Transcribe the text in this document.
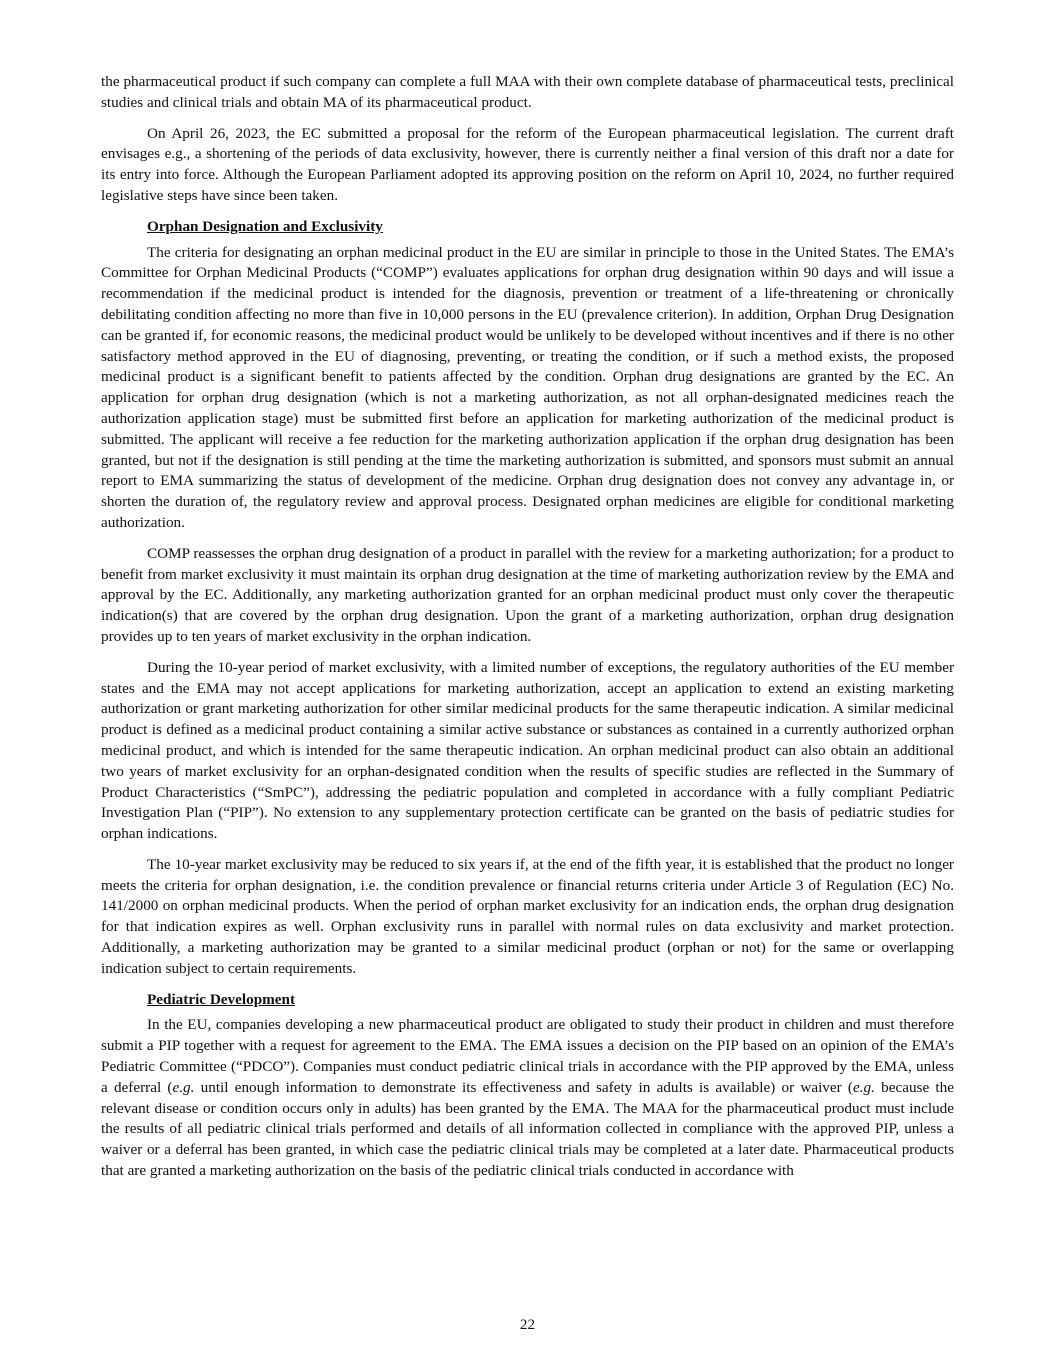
the pharmaceutical product if such company can complete a full MAA with their own complete database of pharmaceutical tests, preclinical studies and clinical trials and obtain MA of its pharmaceutical product.

On April 26, 2023, the EC submitted a proposal for the reform of the European pharmaceutical legislation. The current draft envisages e.g., a shortening of the periods of data exclusivity, however, there is currently neither a final version of this draft nor a date for its entry into force. Although the European Parliament adopted its approving position on the reform on April 10, 2024, no further required legislative steps have since been taken.

Orphan Designation and Exclusivity

The criteria for designating an orphan medicinal product in the EU are similar in principle to those in the United States. The EMA’s Committee for Orphan Medicinal Products (“COMP”) evaluates applications for orphan drug designation within 90 days and will issue a recommendation if the medicinal product is intended for the diagnosis, prevention or treatment of a life-threatening or chronically debilitating condition affecting no more than five in 10,000 persons in the EU (prevalence criterion). In addition, Orphan Drug Designation can be granted if, for economic reasons, the medicinal product would be unlikely to be developed without incentives and if there is no other satisfactory method approved in the EU of diagnosing, preventing, or treating the condition, or if such a method exists, the proposed medicinal product is a significant benefit to patients affected by the condition. Orphan drug designations are granted by the EC. An application for orphan drug designation (which is not a marketing authorization, as not all orphan-designated medicines reach the authorization application stage) must be submitted first before an application for marketing authorization of the medicinal product is submitted. The applicant will receive a fee reduction for the marketing authorization application if the orphan drug designation has been granted, but not if the designation is still pending at the time the marketing authorization is submitted, and sponsors must submit an annual report to EMA summarizing the status of development of the medicine. Orphan drug designation does not convey any advantage in, or shorten the duration of, the regulatory review and approval process. Designated orphan medicines are eligible for conditional marketing authorization.

COMP reassesses the orphan drug designation of a product in parallel with the review for a marketing authorization; for a product to benefit from market exclusivity it must maintain its orphan drug designation at the time of marketing authorization review by the EMA and approval by the EC. Additionally, any marketing authorization granted for an orphan medicinal product must only cover the therapeutic indication(s) that are covered by the orphan drug designation. Upon the grant of a marketing authorization, orphan drug designation provides up to ten years of market exclusivity in the orphan indication.

During the 10-year period of market exclusivity, with a limited number of exceptions, the regulatory authorities of the EU member states and the EMA may not accept applications for marketing authorization, accept an application to extend an existing marketing authorization or grant marketing authorization for other similar medicinal products for the same therapeutic indication. A similar medicinal product is defined as a medicinal product containing a similar active substance or substances as contained in a currently authorized orphan medicinal product, and which is intended for the same therapeutic indication. An orphan medicinal product can also obtain an additional two years of market exclusivity for an orphan-designated condition when the results of specific studies are reflected in the Summary of Product Characteristics (“SmPC”), addressing the pediatric population and completed in accordance with a fully compliant Pediatric Investigation Plan (“PIP”). No extension to any supplementary protection certificate can be granted on the basis of pediatric studies for orphan indications.

The 10-year market exclusivity may be reduced to six years if, at the end of the fifth year, it is established that the product no longer meets the criteria for orphan designation, i.e. the condition prevalence or financial returns criteria under Article 3 of Regulation (EC) No. 141/2000 on orphan medicinal products. When the period of orphan market exclusivity for an indication ends, the orphan drug designation for that indication expires as well. Orphan exclusivity runs in parallel with normal rules on data exclusivity and market protection. Additionally, a marketing authorization may be granted to a similar medicinal product (orphan or not) for the same or overlapping indication subject to certain requirements.

Pediatric Development

In the EU, companies developing a new pharmaceutical product are obligated to study their product in children and must therefore submit a PIP together with a request for agreement to the EMA. The EMA issues a decision on the PIP based on an opinion of the EMA’s Pediatric Committee (“PDCO”). Companies must conduct pediatric clinical trials in accordance with the PIP approved by the EMA, unless a deferral (e.g. until enough information to demonstrate its effectiveness and safety in adults is available) or waiver (e.g. because the relevant disease or condition occurs only in adults) has been granted by the EMA. The MAA for the pharmaceutical product must include the results of all pediatric clinical trials performed and details of all information collected in compliance with the approved PIP, unless a waiver or a deferral has been granted, in which case the pediatric clinical trials may be completed at a later date. Pharmaceutical products that are granted a marketing authorization on the basis of the pediatric clinical trials conducted in accordance with

22
